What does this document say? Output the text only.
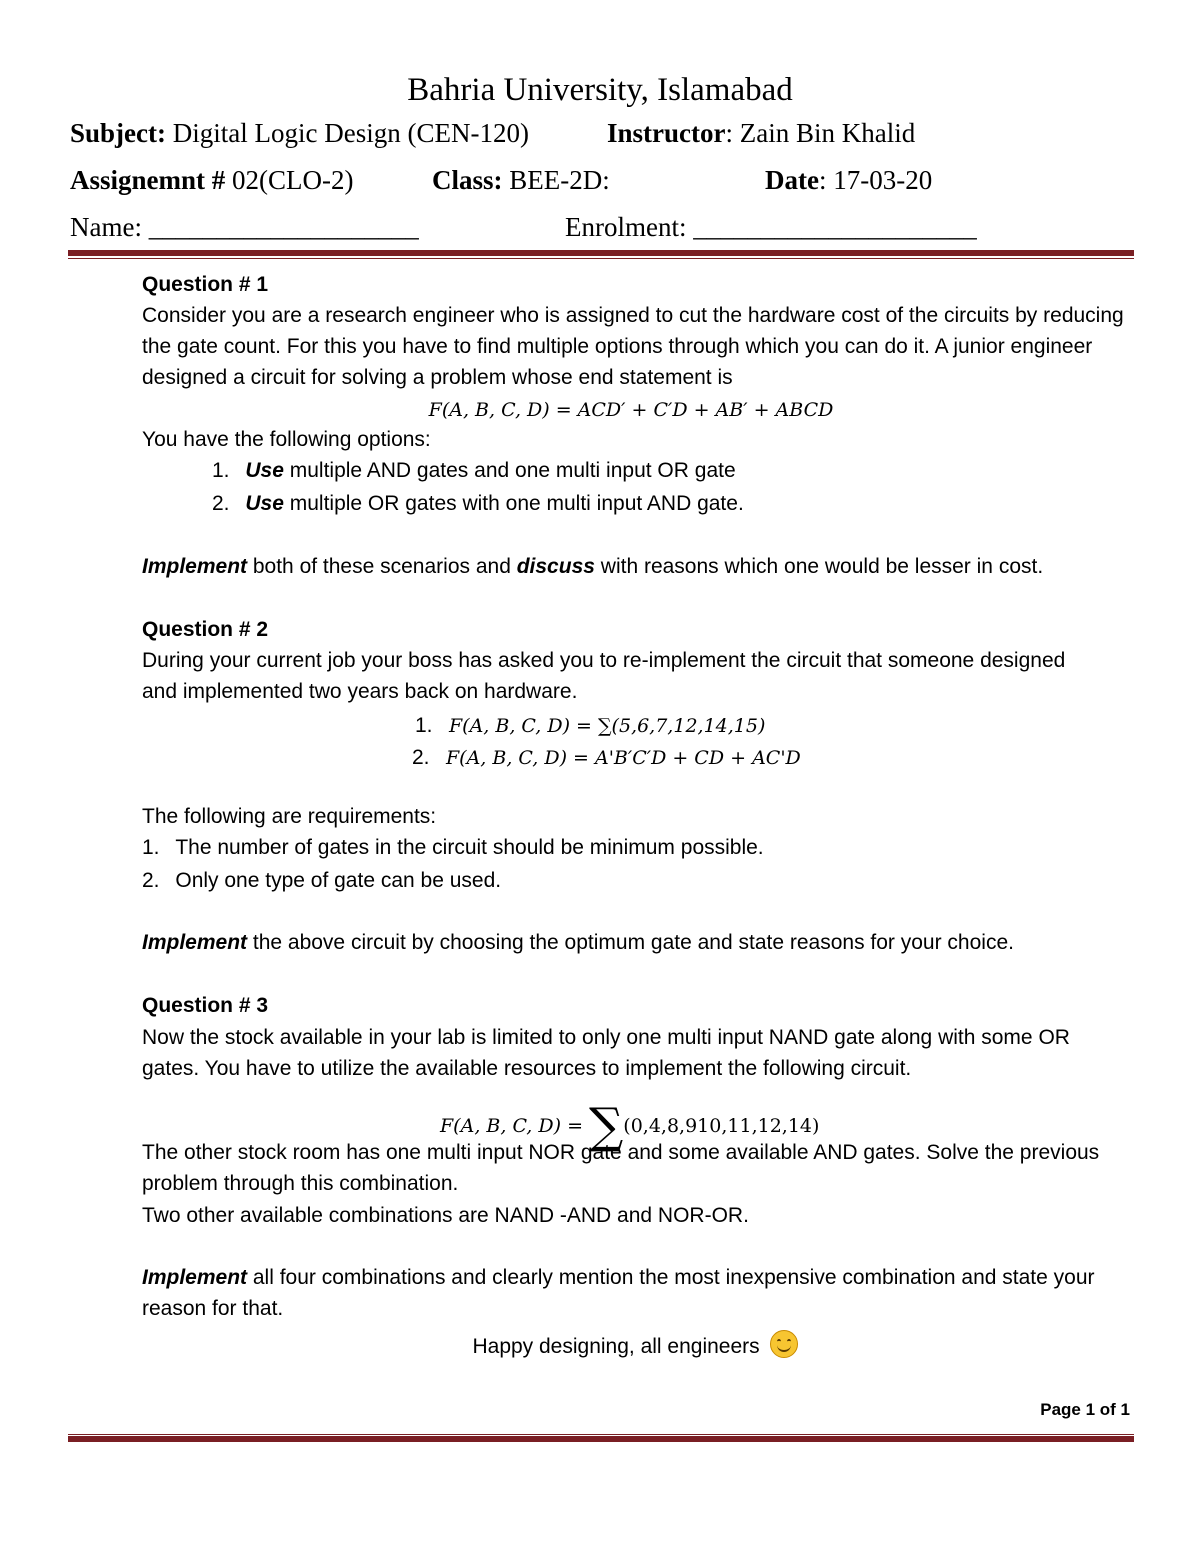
Bahria University, Islamabad
Subject: Digital Logic Design (CEN-120)	Instructor: Zain Bin Khalid
Assignemnt # 02(CLO-2)	Class: BEE-2D:	Date: 17-03-20
Name: ____________________	Enrolment: _____________________
Question # 1
Consider you are a research engineer who is assigned to cut the hardware cost of the circuits by reducing
the gate count. For this you have to find multiple options through which you can do it. A junior engineer
designed a circuit for solving a problem whose end statement is
F(A, B, C, D) = ACD′ + C′D + AB′ + ABCD
You have the following options:
1. Use multiple AND gates and one multi input OR gate
2. Use multiple OR gates with one multi input AND gate.
Implement both of these scenarios and discuss with reasons which one would be lesser in cost.
Question # 2
During your current job your boss has asked you to re-implement the circuit that someone designed
and implemented two years back on hardware.
1. F(A, B, C, D) = ∑(5,6,7,12,14,15)
2. F(A, B, C, D) = A'B′C′D + CD + AC'D
The following are requirements:
1. The number of gates in the circuit should be minimum possible.
2. Only one type of gate can be used.
Implement the above circuit by choosing the optimum gate and state reasons for your choice.
Question # 3
Now the stock available in your lab is limited to only one multi input NAND gate along with some OR
gates. You have to utilize the available resources to implement the following circuit.
F(A, B, C, D) = ∑(0,4,8,910,11,12,14)
The other stock room has one multi input NOR gate and some available AND gates. Solve the previous
problem through this combination.
Two other available combinations are NAND -AND and NOR-OR.
Implement all four combinations and clearly mention the most inexpensive combination and state your
reason for that.
Happy designing, all engineers
Page 1 of 1
